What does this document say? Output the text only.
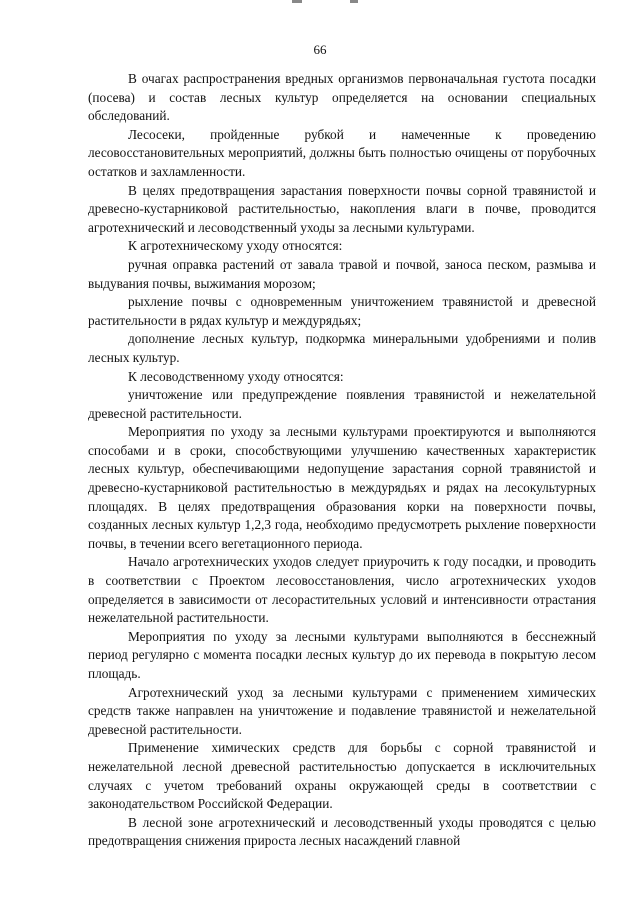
66

В очагах распространения вредных организмов первоначальная густота посадки (посева) и состав лесных культур определяется на основании специальных обследований.

Лесосеки, пройденные рубкой и намеченные к проведению лесовосстановительных мероприятий, должны быть полностью очищены от порубочных остатков и захламленности.

В целях предотвращения зарастания поверхности почвы сорной травянистой и древесно-кустарниковой растительностью, накопления влаги в почве, проводится агротехнический и лесоводственный уходы за лесными культурами.

К агротехническому уходу относятся:

ручная оправка растений от завала травой и почвой, заноса песком, размыва и выдувания почвы, выжимания морозом;

рыхление почвы с одновременным уничтожением травянистой и древесной растительности в рядах культур и междурядьях;

дополнение лесных культур, подкормка минеральными удобрениями и полив лесных культур.

К лесоводственному уходу относятся:

уничтожение или предупреждение появления травянистой и нежелательной древесной растительности.

Мероприятия по уходу за лесными культурами проектируются и выполняются способами и в сроки, способствующими улучшению качественных характеристик лесных культур, обеспечивающими недопущение зарастания сорной травянистой и древесно-кустарниковой растительностью в междурядьях и рядах на лесокультурных площадях. В целях предотвращения образования корки на поверхности почвы, созданных лесных культур 1,2,3 года, необходимо предусмотреть рыхление поверхности почвы, в течении всего вегетационного периода.

Начало агротехнических уходов следует приурочить к году посадки, и проводить в соответствии с Проектом лесовосстановления, число агротехнических уходов определяется в зависимости от лесорастительных условий и интенсивности отрастания нежелательной растительности.

Мероприятия по уходу за лесными культурами выполняются в бесснежный период регулярно с момента посадки лесных культур до их перевода в покрытую лесом площадь.

Агротехнический уход за лесными культурами с применением химических средств также направлен на уничтожение и подавление травянистой и нежелательной древесной растительности.

Применение химических средств для борьбы с сорной травянистой и нежелательной лесной древесной растительностью допускается в исключительных случаях с учетом требований охраны окружающей среды в соответствии с законодательством Российской Федерации.

В лесной зоне агротехнический и лесоводственный уходы проводятся с целью предотвращения снижения прироста лесных насаждений главной
